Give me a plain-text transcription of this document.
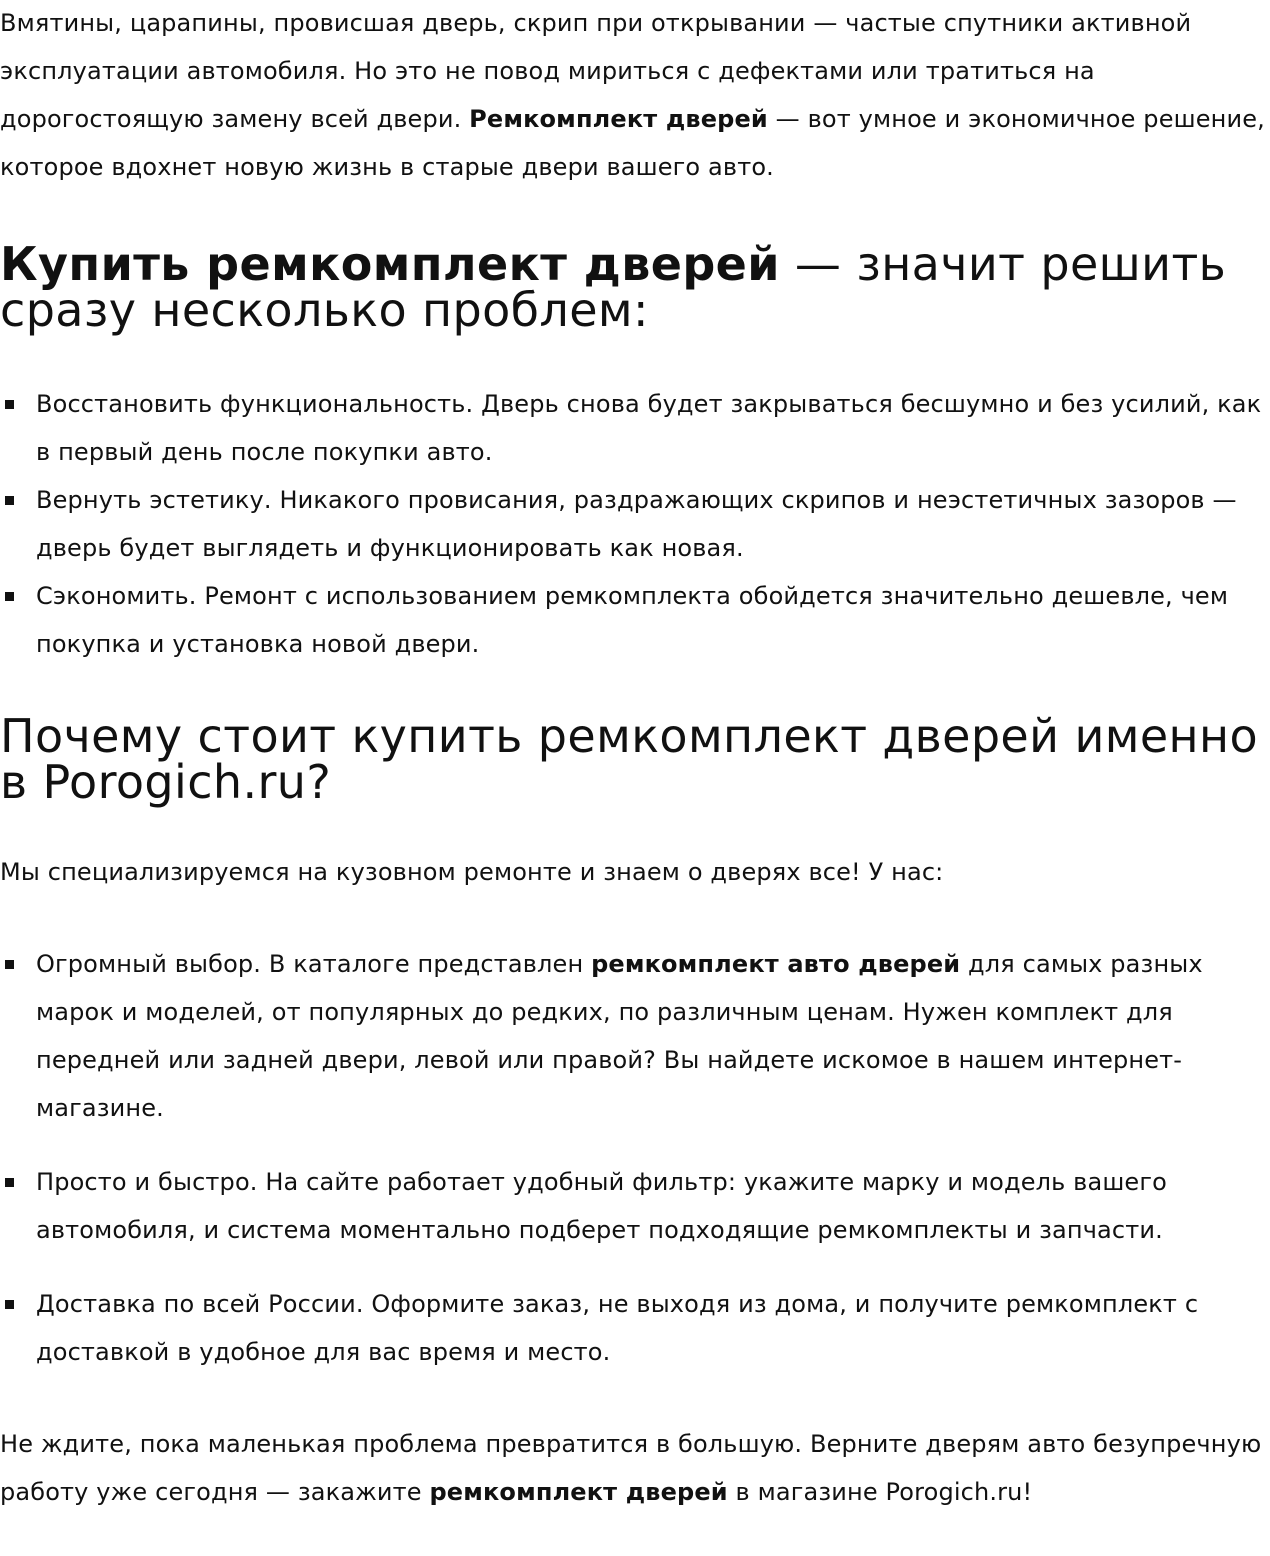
Вмятины, царапины, провисшая дверь, скрип при открывании — частые спутники активной эксплуатации автомобиля. Но это не повод мириться с дефектами или тратиться на дорогостоящую замену всей двери. Ремкомплект дверей — вот умное и экономичное решение, которое вдохнет новую жизнь в старые двери вашего авто.

Купить ремкомплект дверей — значит решить сразу несколько проблем:
Восстановить функциональность. Дверь снова будет закрываться бесшумно и без усилий, как в первый день после покупки авто.
Вернуть эстетику. Никакого провисания, раздражающих скрипов и неэстетичных зазоров — дверь будет выглядеть и функционировать как новая.
Сэкономить. Ремонт с использованием ремкомплекта обойдется значительно дешевле, чем покупка и установка новой двери.
Почему стоит купить ремкомплект дверей именно в Porogich.ru?

Мы специализируемся на кузовном ремонте и знаем о дверях все! У нас:

Огромный выбор. В каталоге представлен ремкомплект авто дверей для самых разных марок и моделей, от популярных до редких, по различным ценам. Нужен комплект для передней или задней двери, левой или правой? Вы найдете искомое в нашем интернет-магазине.
Просто и быстро. На сайте работает удобный фильтр: укажите марку и модель вашего автомобиля, и система моментально подберет подходящие ремкомплекты и запчасти.
Доставка по всей России. Оформите заказ, не выходя из дома, и получите ремкомплект с доставкой в удобное для вас время и место.

Не ждите, пока маленькая проблема превратится в большую. Верните дверям авто безупречную работу уже сегодня — закажите ремкомплект дверей в магазине Porogich.ru!
